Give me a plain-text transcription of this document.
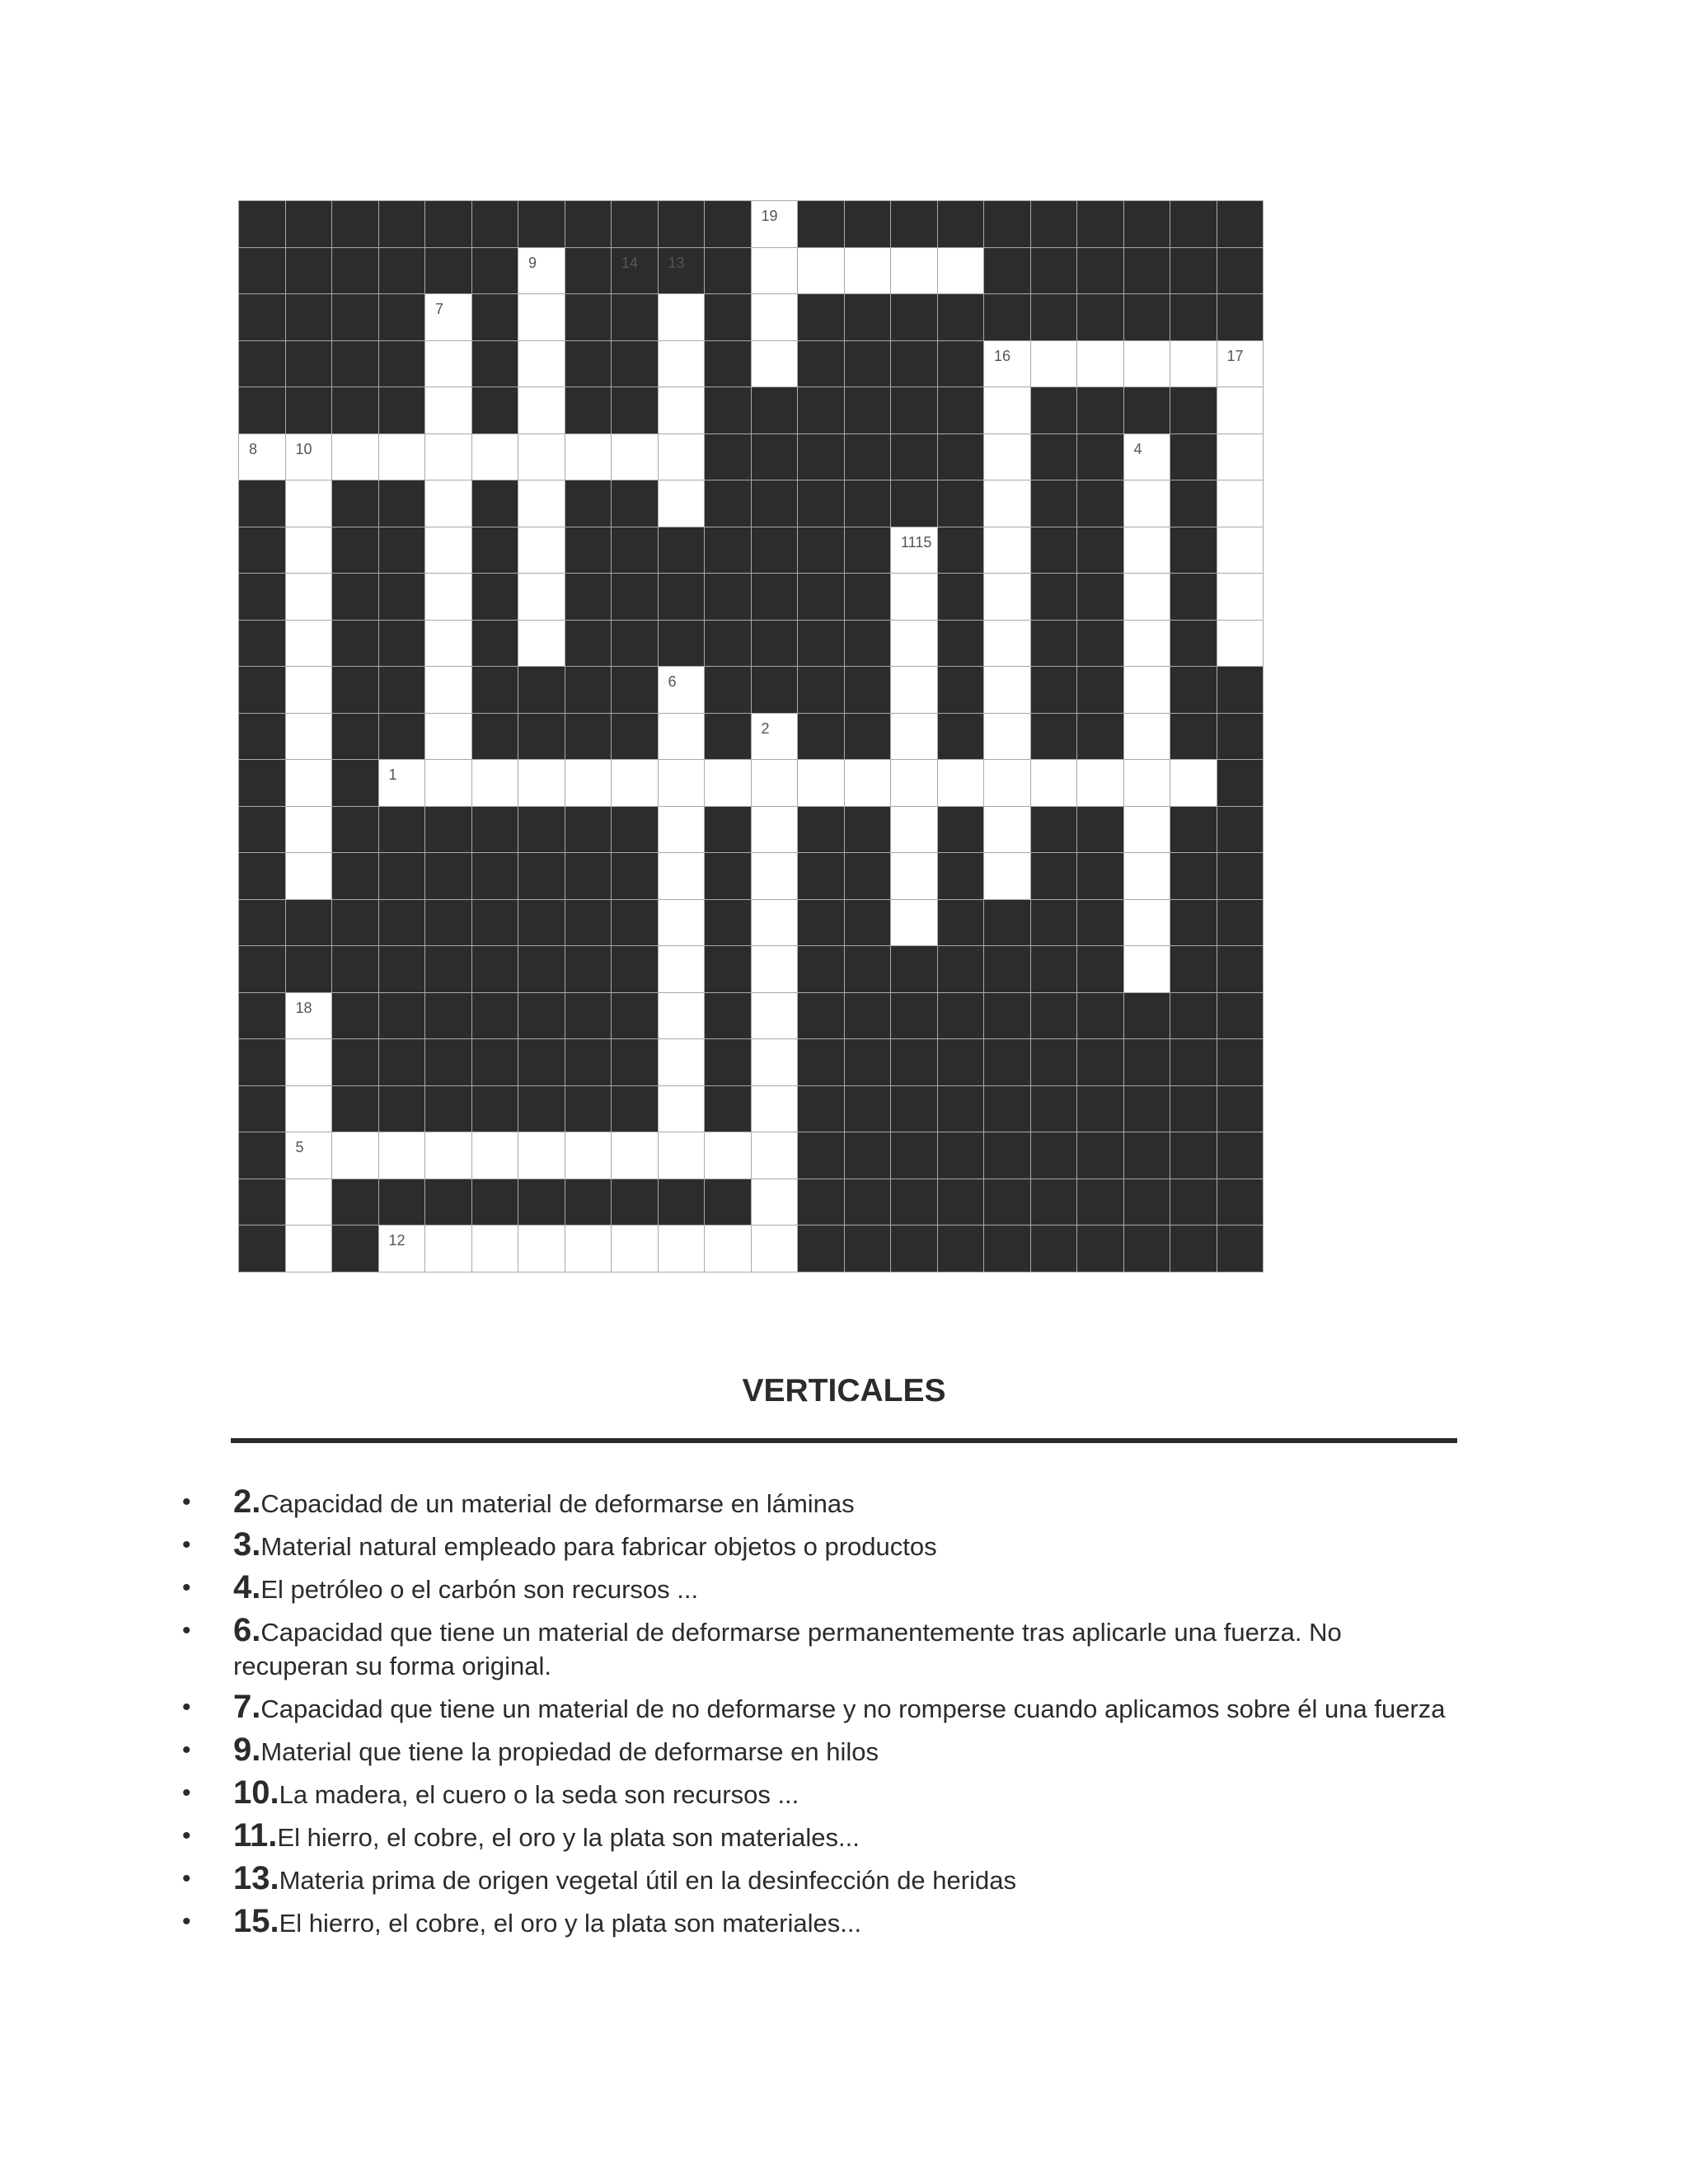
19
9	14 13
7
16	17
8	10	4
1115
6
2
1
18
5
12
VERTICALES
• 2.Capacidad de un material de deformarse en láminas
• 3.Material natural empleado para fabricar objetos o productos
• 4.El petróleo o el carbón son recursos ...
• 6.Capacidad que tiene un material de deformarse permanentemente tras aplicarle una fuerza. No recuperan su forma original.
• 7.Capacidad que tiene un material de no deformarse y no romperse cuando aplicamos sobre él una fuerza
• 9.Material que tiene la propiedad de deformarse en hilos
• 10.La madera, el cuero o la seda son recursos ...
• 11.El hierro, el cobre, el oro y la plata son materiales...
• 13.Materia prima de origen vegetal útil en la desinfección de heridas
• 15.El hierro, el cobre, el oro y la plata son materiales...
